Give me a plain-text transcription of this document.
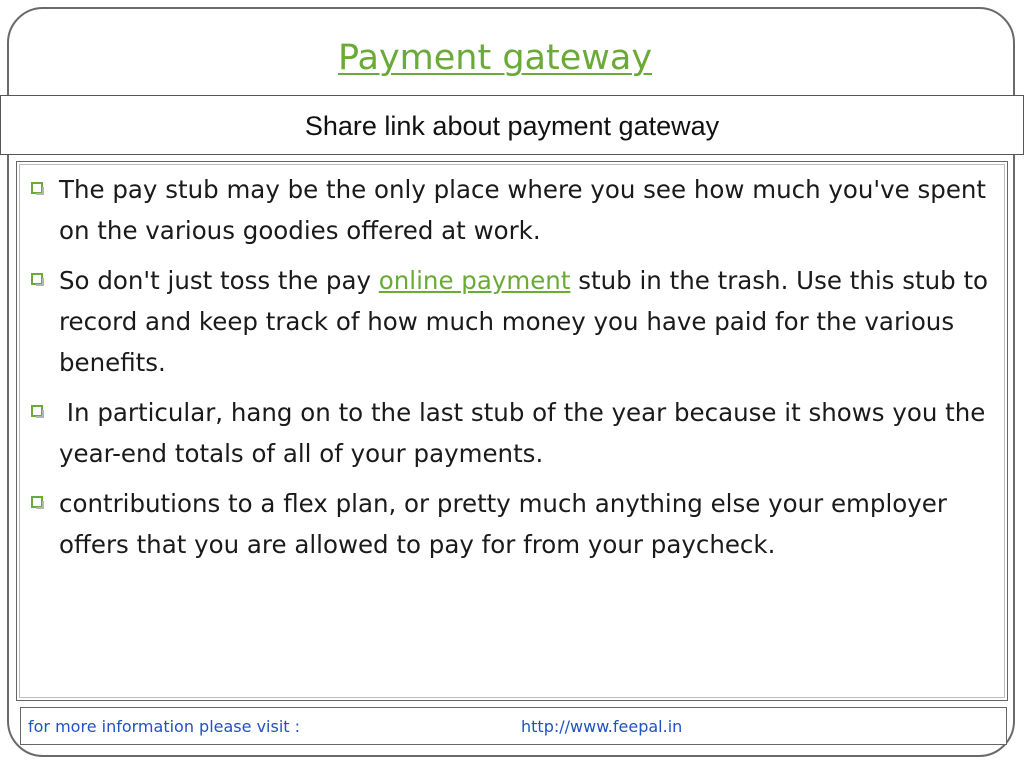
Payment gateway
Share link about payment gateway
The pay stub may be the only place where you see how much you've spent on the various goodies offered at work.
So don't just toss the pay online payment stub in the trash. Use this stub to record and keep track of how much money you have paid for the various benefits.
In particular, hang on to the last stub of the year because it shows you the year-end totals of all of your payments.
contributions to a flex plan, or pretty much anything else your employer offers that you are allowed to pay for from your paycheck.
for more information please visit :	http://www.feepal.in
